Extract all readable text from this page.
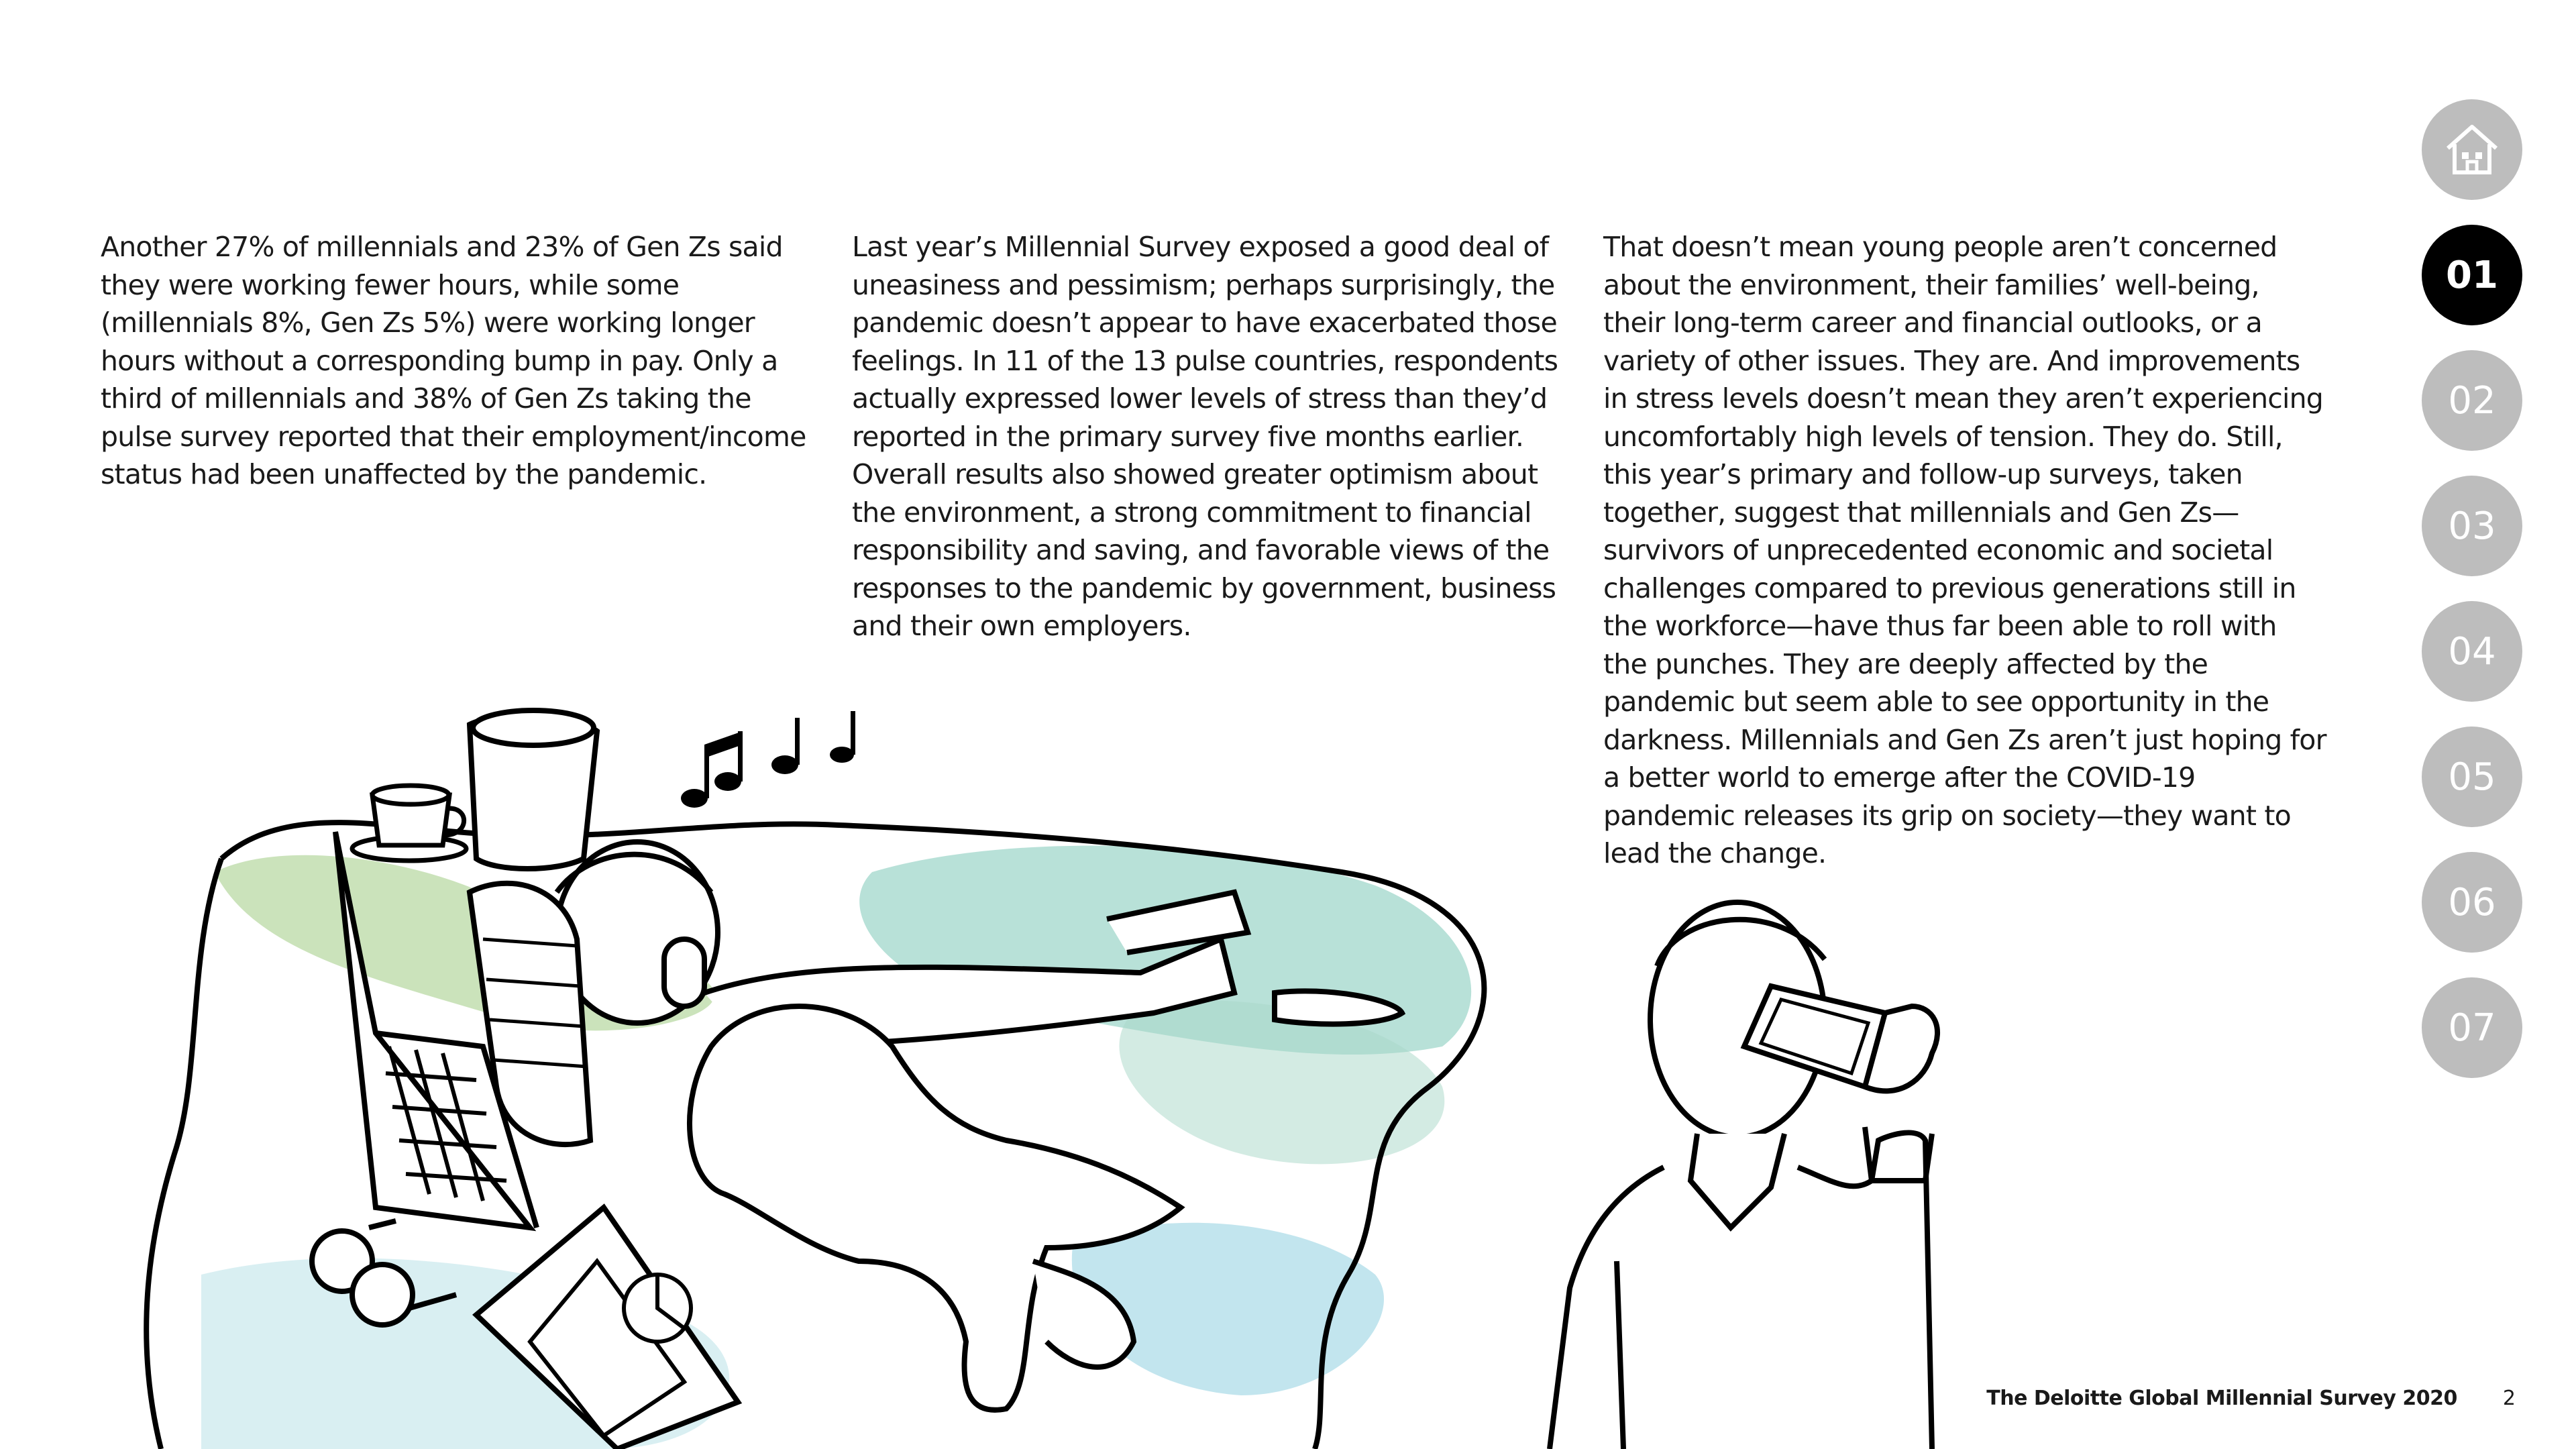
Another 27% of millennials and 23% of Gen Zs said they were working fewer hours, while some (millennials 8%, Gen Zs 5%) were working longer hours without a corresponding bump in pay. Only a third of millennials and 38% of Gen Zs taking the pulse survey reported that their employment/income status had been unaffected by the pandemic.

Last year’s Millennial Survey exposed a good deal of uneasiness and pessimism; perhaps surprisingly, the pandemic doesn’t appear to have exacerbated those feelings. In 11 of the 13 pulse countries, respondents actually expressed lower levels of stress than they’d reported in the primary survey five months earlier. Overall results also showed greater optimism about the environment, a strong commitment to financial responsibility and saving, and favorable views of the responses to the pandemic by government, business and their own employers.

That doesn’t mean young people aren’t concerned about the environment, their families’ well-being, their long-term career and financial outlooks, or a variety of other issues. They are. And improvements in stress levels doesn’t mean they aren’t experiencing uncomfortably high levels of tension. They do. Still, this year’s primary and follow-up surveys, taken together, suggest that millennials and Gen Zs—survivors of unprecedented economic and societal challenges compared to previous generations still in the workforce—have thus far been able to roll with the punches. They are deeply affected by the pandemic but seem able to see opportunity in the darkness. Millennials and Gen Zs aren’t just hoping for a better world to emerge after the COVID-19 pandemic releases its grip on society—they want to lead the change.

01
02
03
04
05
06
07
The Deloitte Global Millennial Survey 2020 2
